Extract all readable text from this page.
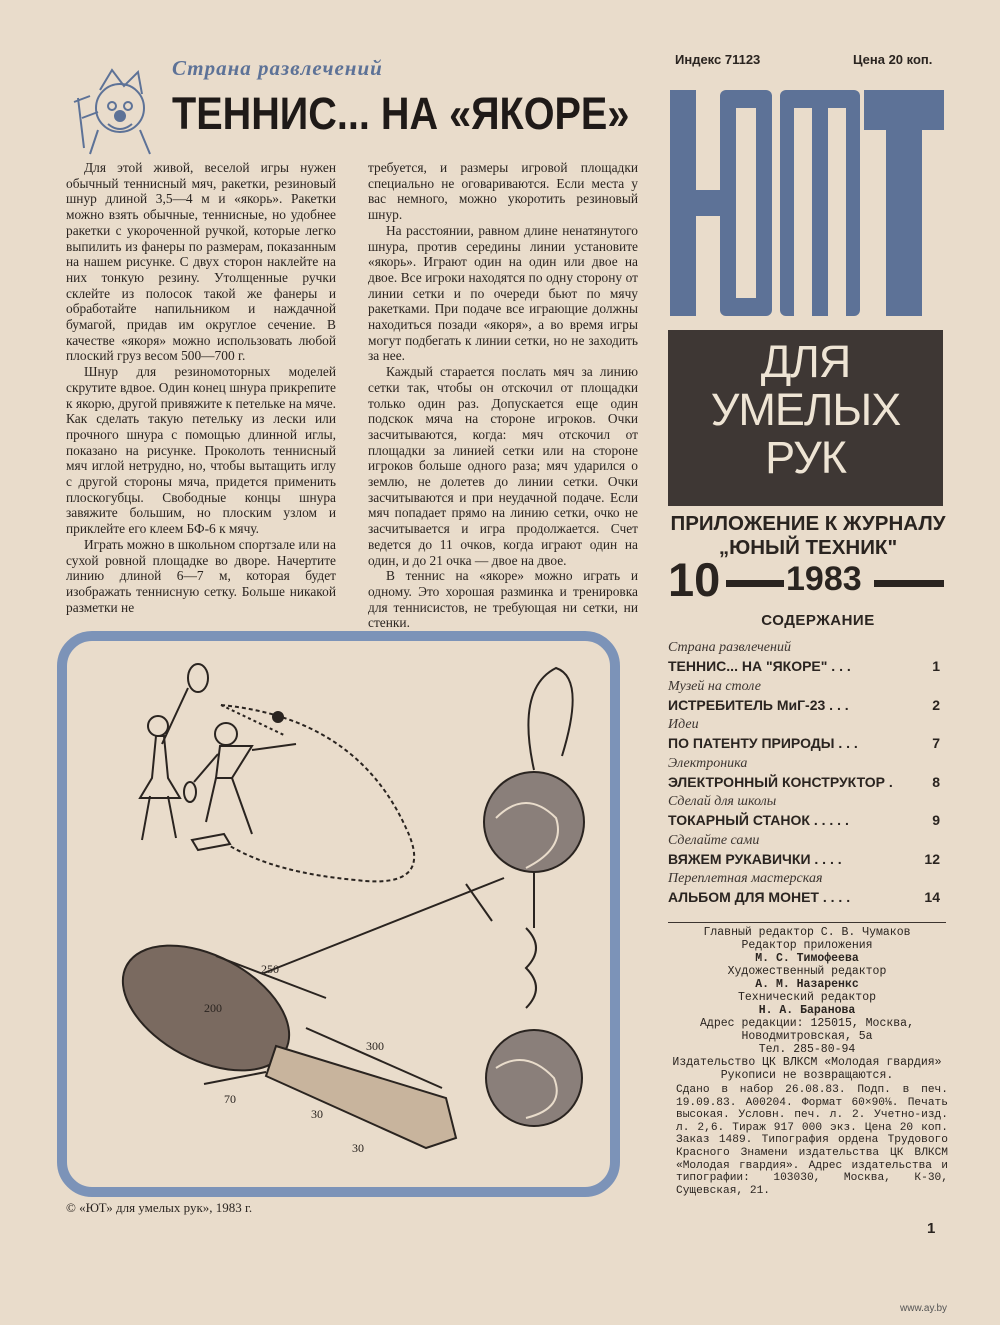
Страна развлечений
ТЕННИС... НА «ЯКОРЕ»
Индекс 71123	Цена 20 коп.

Для этой живой, веселой игры нужен обычный теннисный мяч, ракетки, резиновый шнур длиной 3,5—4 м и «якорь». Ракетки можно взять обычные, теннисные, но удобнее ракетки с укороченной ручкой, которые легко выпилить из фанеры по размерам, показанным на нашем рисунке. С двух сторон наклейте на них тонкую резину. Утолщенные ручки склейте из полосок такой же фанеры и обработайте напильником и наждачной бумагой, придав им округлое сечение. В качестве «якоря» можно использовать любой плоский груз весом 500—700 г.

Шнур для резиномоторных моделей скрутите вдвое. Один конец шнура прикрепите к якорю, другой привяжите к петельке на мяче. Как сделать такую петельку из лески или прочного шнура с помощью длинной иглы, показано на рисунке. Проколоть теннисный мяч иглой нетрудно, но, чтобы вытащить иглу с другой стороны мяча, придется применить плоскогубцы. Свободные концы шнура завяжите большим, но плоским узлом и приклейте его клеем БФ-6 к мячу.

Играть можно в школьном спортзале или на сухой ровной площадке во дворе. Начертите линию длиной 6—7 м, которая будет изображать теннисную сетку. Больше никакой разметки не

требуется, и размеры игровой площадки специально не оговариваются. Если места у вас немного, можно укоротить резиновый шнур.

На расстоянии, равном длине ненатянутого шнура, против середины линии установите «якорь». Играют один на один или двое на двое. Все игроки находятся по одну сторону от линии сетки и по очереди бьют по мячу ракетками. При подаче все играющие должны находиться позади «якоря», а во время игры могут подбегать к линии сетки, но не заходить за нее.

Каждый старается послать мяч за линию сетки так, чтобы он отскочил от площадки только один раз. Допускается еще один подскок мяча на стороне игроков. Очки засчитываются, когда: мяч отскочил от площадки за линией сетки или на стороне игроков больше одного раза; мяч ударился о землю, не долетев до линии сетки. Очки засчитываются и при неудачной подаче. Если мяч попадает прямо на линию сетки, очко не засчитывается и игра продолжается. Счет ведется до 11 очков, когда играют один на один, и до 21 очка — двое на двое.

В теннис на «якоре» можно играть и одному. Это хорошая разминка и тренировка для теннисистов, не требующая ни сетки, ни стенки.

ДЛЯ
УМЕЛЫХ
РУК
ПРИЛОЖЕНИЕ К ЖУРНАЛУ
„ЮНЫЙ ТЕХНИК"
10 1983
СОДЕРЖАНИЕ
Страна развлечений
ТЕННИС... НА "ЯКОРЕ" . . .	1
Музей на столе
ИСТРЕБИТЕЛЬ МиГ-23 . . .	2
Идеи
ПО ПАТЕНТУ ПРИРОДЫ . . .	7
Электроника
ЭЛЕКТРОННЫЙ КОНСТРУКТОР .	8
Сделай для школы
ТОКАРНЫЙ СТАНОК . . . . .	9
Сделайте сами
ВЯЖЕМ РУКАВИЧКИ . . . .	12
Переплетная мастерская
АЛЬБОМ ДЛЯ МОНЕТ . . . .	14
Главный редактор С. В. Чумаков
Редактор приложения
М. С. Тимофеева
Художественный редактор
А. М. Назаренкс
Технический редактор
Н. А. Баранова
Адрес редакции: 125015, Москва,
Новодмитровская, 5а
Тел. 285-80-94
Издательство ЦК ВЛКСМ «Молодая гвардия»
Рукописи не возвращаются.

Сдано в набор 26.08.83. Подп. в печ. 19.09.83. А00204. Формат 60×90⅛. Печать высокая. Условн. печ. л. 2. Учетно-изд. л. 2,6. Тираж 917 000 экз. Цена 20 коп. Заказ 1489. Типография ордена Трудового Красного Знамени издательства ЦК ВЛКСМ «Молодая гвардия». Адрес издательства и типографии: 103030, Москва, К-30, Сущевская, 21.

250
200
300
70
30
30
© «ЮТ» для умелых рук», 1983 г.
1
www.ay.by
